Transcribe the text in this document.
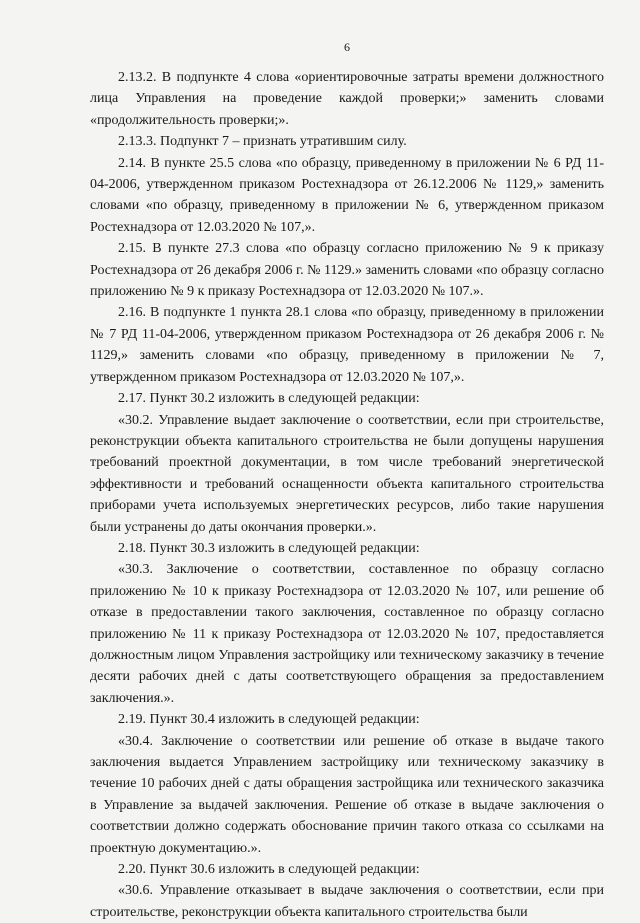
6

2.13.2. В подпункте 4 слова «ориентировочные затраты времени должностного лица Управления на проведение каждой проверки;» заменить словами «продолжительность проверки;».

2.13.3. Подпункт 7 – признать утратившим силу.

2.14. В пункте 25.5 слова «по образцу, приведенному в приложении № 6 РД 11-04-2006, утвержденном приказом Ростехнадзора от 26.12.2006 № 1129,» заменить словами «по образцу, приведенному в приложении № 6, утвержденном приказом Ростехнадзора от 12.03.2020 № 107,».

2.15. В пункте 27.3 слова «по образцу согласно приложению № 9 к приказу Ростехнадзора от 26 декабря 2006 г. № 1129.» заменить словами «по образцу согласно приложению № 9 к приказу Ростехнадзора от 12.03.2020 № 107.».

2.16. В подпункте 1 пункта 28.1 слова «по образцу, приведенному в приложении № 7 РД 11-04-2006, утвержденном приказом Ростехнадзора от 26 декабря 2006 г. № 1129,» заменить словами «по образцу, приведенному в приложении № 7, утвержденном приказом Ростехнадзора от 12.03.2020 № 107,».

2.17. Пункт 30.2 изложить в следующей редакции:

«30.2. Управление выдает заключение о соответствии, если при строительстве, реконструкции объекта капитального строительства не были допущены нарушения требований проектной документации, в том числе требований энергетической эффективности и требований оснащенности объекта капитального строительства приборами учета используемых энергетических ресурсов, либо такие нарушения были устранены до даты окончания проверки.».

2.18. Пункт 30.3 изложить в следующей редакции:

«30.3. Заключение о соответствии, составленное по образцу согласно приложению № 10 к приказу Ростехнадзора от 12.03.2020 № 107, или решение об отказе в предоставлении такого заключения, составленное по образцу согласно приложению № 11 к приказу Ростехнадзора от 12.03.2020 № 107, предоставляется должностным лицом Управления застройщику или техническому заказчику в течение десяти рабочих дней с даты соответствующего обращения за предоставлением заключения.».

2.19. Пункт 30.4 изложить в следующей редакции:

«30.4. Заключение о соответствии или решение об отказе в выдаче такого заключения выдается Управлением застройщику или техническому заказчику в течение 10 рабочих дней с даты обращения застройщика или технического заказчика в Управление за выдачей заключения. Решение об отказе в выдаче заключения о соответствии должно содержать обоснование причин такого отказа со ссылками на проектную документацию.».

2.20. Пункт 30.6 изложить в следующей редакции:

«30.6. Управление отказывает в выдаче заключения о соответствии, если при строительстве, реконструкции объекта капитального строительства были
